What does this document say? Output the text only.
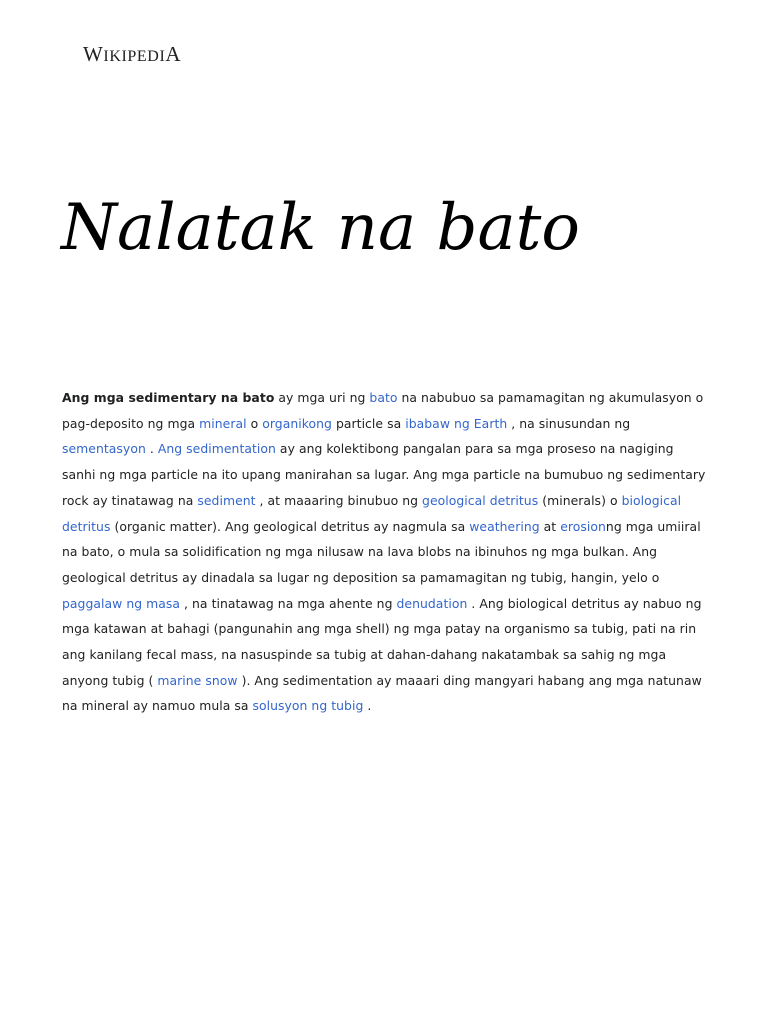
WIKIPEDIA
Nalatak na bato

Ang mga sedimentary na bato ay mga uri ng bato na nabubuo sa pamamagitan ng akumulasyon o pag-deposito ng mga mineral o organikong particle sa ibabaw ng Earth , na sinusundan ng sementasyon . Ang sedimentation ay ang kolektibong pangalan para sa mga proseso na nagiging sanhi ng mga particle na ito upang manirahan sa lugar. Ang mga particle na bumubuo ng sedimentary rock ay tinatawag na sediment , at maaaring binubuo ng geological detritus (minerals) o biological detritus (organic matter). Ang geological detritus ay nagmula sa weathering at erosionng mga umiiral na bato, o mula sa solidification ng mga nilusaw na lava blobs na ibinuhos ng mga bulkan. Ang geological detritus ay dinadala sa lugar ng deposition sa pamamagitan ng tubig, hangin, yelo o paggalaw ng masa , na tinatawag na mga ahente ng denudation . Ang biological detritus ay nabuo ng mga katawan at bahagi (pangunahin ang mga shell) ng mga patay na organismo sa tubig, pati na rin ang kanilang fecal mass, na nasuspinde sa tubig at dahan-dahang nakatambak sa sahig ng mga anyong tubig ( marine snow ). Ang sedimentation ay maaari ding mangyari habang ang mga natunaw na mineral ay namuo mula sa solusyon ng tubig .
